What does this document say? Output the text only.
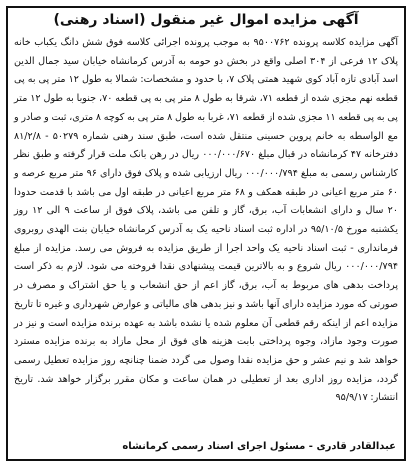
آگهی مزایده اموال غیر منقول (اسناد رهنی)
آگهی مزایده کلاسه پرونده ۹۵۰۰۷۶۲ به موجب پرونده اجرائی کلاسه فوق شش دانگ یکباب خانه پلاک ۱۲ فرعی از ۳۰۴ اصلی واقع در بخش دو حومه به آدرس کرمانشاه خیابان سید جمال الدین اسد آبادی تازه آباد کوی شهید همتی پلاک ۷، با حدود و مشخصات: شمالا به طول ۱۲ متر پی به پی قطعه نهم مجزی شده از قطعه ۷۱، شرقا به طول ۸ متر پی به پی قطعه ۷۰، جنوبا به طول ۱۲ متر پی به پی قطعه ۱۱ مجزی شده از قطعه ۷۱، غربا به طول ۸ متر پی به کوچه ۸ متری، ثبت و صادر و مع الواسطه به خانم پروین حسینی منتقل شده است، طبق سند رهنی شماره ۵۰۲۷۹ - ۸۱/۲/۸ دفترخانه ۴۷ کرمانشاه در قبال مبلغ ۰۰۰/۰۰۰/۶۷۰ ریال در رهن بانک ملت قرار گرفته و طبق نظر کارشناس رسمی به مبلغ ۰۰۰/۰۰۰/۷۹۴ ریال ارزیابی شده و پلاک فوق دارای ۹۶ متر مربع عرصه و ۶۰ متر مربع اعیانی در طبقه همکف و ۶۸ متر مربع اعیانی در طبقه اول می باشد با قدمت حدودا ۲۰ سال و دارای انشعابات آب، برق، گاز و تلفن می باشد، پلاک فوق از ساعت ۹ الی ۱۲ روز یکشنبه مورخ ۹۵/۱۰/۵ در اداره ثبت اسناد ناحیه یک به آدرس کرمانشاه خیابان بنت الهدی روبروی فرمانداری - ثبت اسناد ناحیه یک واحد اجرا از طریق مزایده به فروش می رسد. مزایده از مبلغ ۰۰۰/۰۰۰/۷۹۴ ریال شروع و به بالاترین قیمت پیشنهادی نقدا فروخته می شود. لازم به ذکر است پرداخت بدهی های مربوط به آب، برق، گاز اعم از حق انشعاب و یا حق اشتراک و مصرف در صورتی که مورد مزایده دارای آنها باشد و نیز بدهی های مالیاتی و عوارض شهرداری و غیره تا تاریخ مزایده اعم از اینکه رقم قطعی آن معلوم شده یا نشده باشد به عهده برنده مزایده است و نیز در صورت وجود مازاد، وجوه پرداختی بابت هزینه های فوق از محل مازاد به برنده مزایده مسترد خواهد شد و نیم عشر و حق مزایده نقدا وصول می گردد ضمنا چنانچه روز مزایده تعطیل رسمی گردد، مزایده روز اداری بعد از تعطیلی در همان ساعت و مکان مقرر برگزار خواهد شد. تاریخ انتشار: ۹۵/۹/۱۷
عبدالقادر قادری - مسئول اجرای اسناد رسمی کرمانشاه
